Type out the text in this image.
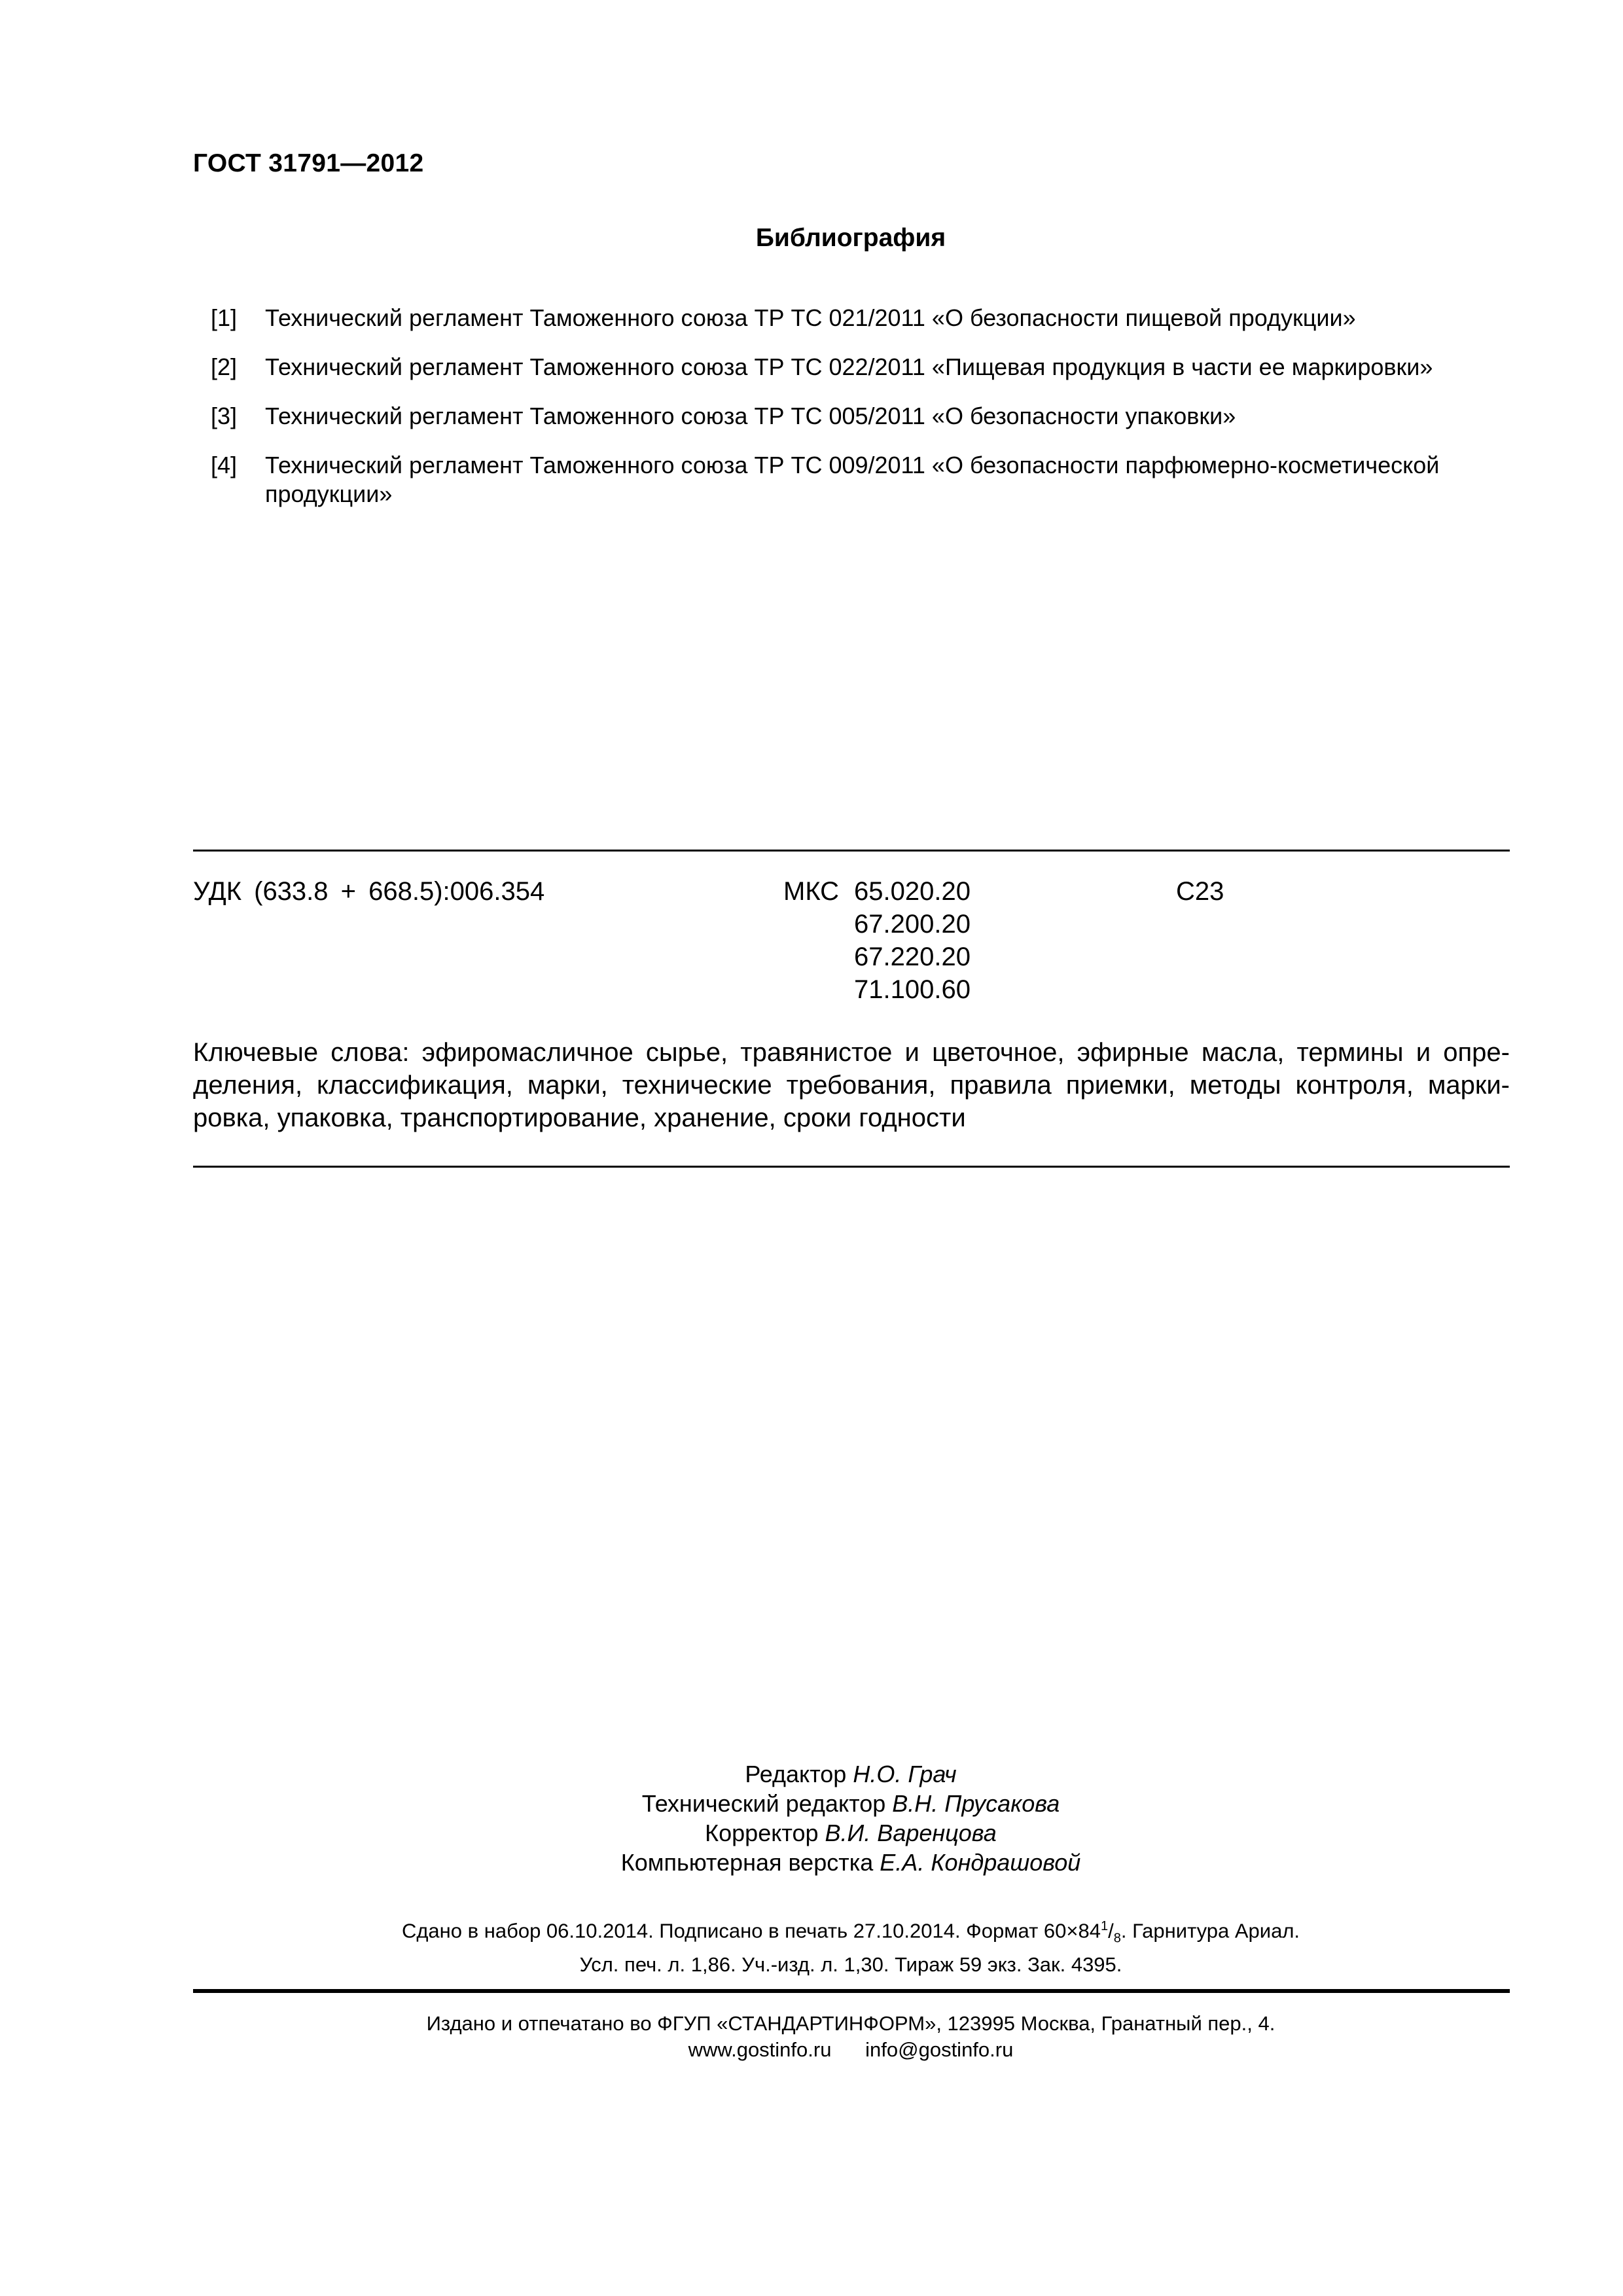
ГОСТ 31791—2012
Библиография
[1] Технический регламент Таможенного союза ТР ТС 021/2011 «О безопасности пищевой продукции»
[2] Технический регламент Таможенного союза ТР ТС 022/2011 «Пищевая продукция в части ее маркировки»
[3] Технический регламент Таможенного союза ТР ТС 005/2011 «О безопасности упаковки»
[4] Технический регламент Таможенного союза ТР ТС 009/2011 «О безопасности парфюмерно-косметической продукции»
УДК (633.8 + 668.5):006.354	МКС 65.020.20
67.200.20
67.220.20
71.100.60
С23
Ключевые слова: эфиромасличное сырье, травянистое и цветочное, эфирные масла, термины и опре-
деления, классификация, марки, технические требования, правила приемки, методы контроля, марки-
ровка, упаковка, транспортирование, хранение, сроки годности
Редактор Н.О. Грач
Технический редактор В.Н. Прусакова
Корректор В.И. Варенцова
Компьютерная верстка Е.А. Кондрашовой
Сдано в набор 06.10.2014. Подписано в печать 27.10.2014. Формат $60\times 84^1/_8$. Гарнитура Ариал.
Усл. печ. л. 1,86. Уч.-изд. л. 1,30. Тираж 59 экз. Зак. 4395.
Издано и отпечатано во ФГУП «СТАНДАРТИНФОРМ», 123995 Москва, Гранатный пер., 4.
www.gostinfo.ru      info@gostinfo.ru
